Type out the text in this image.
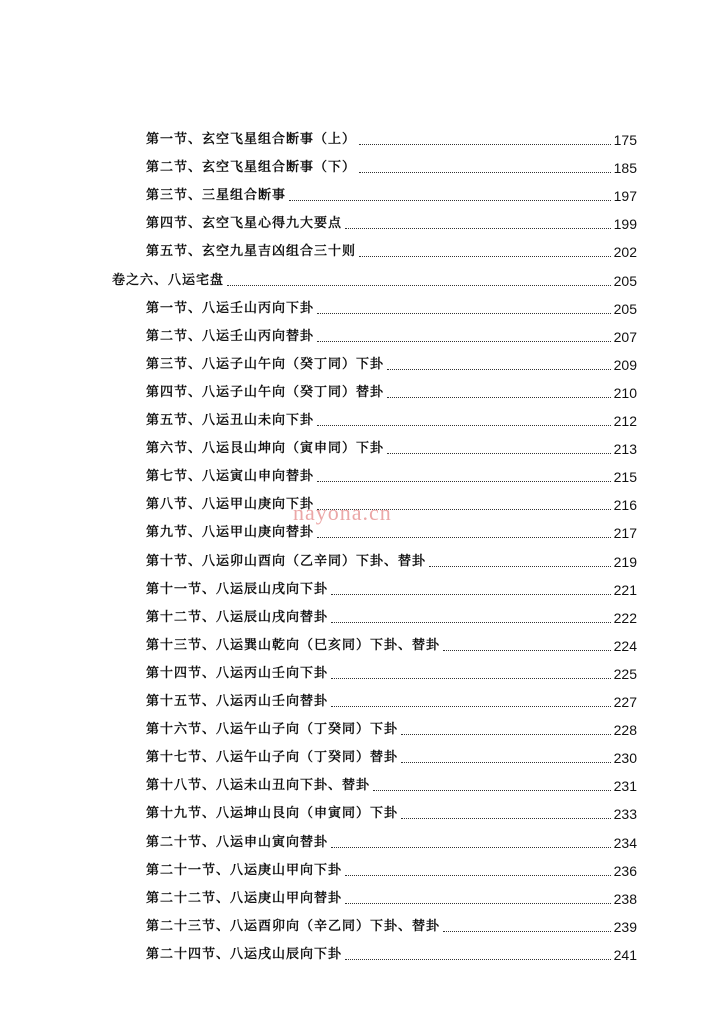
第一节、玄空飞星组合断事（上）	175
第二节、玄空飞星组合断事（下）	185
第三节、三星组合断事	197
第四节、玄空飞星心得九大要点	199
第五节、玄空九星吉凶组合三十则	202
卷之六、八运宅盘	205
第一节、八运壬山丙向下卦	205
第二节、八运壬山丙向替卦	207
第三节、八运子山午向（癸丁同）下卦	209
第四节、八运子山午向（癸丁同）替卦	210
第五节、八运丑山未向下卦	212
第六节、八运艮山坤向（寅申同）下卦	213
第七节、八运寅山申向替卦	215
第八节、八运甲山庚向下卦	216
第九节、八运甲山庚向替卦	217
第十节、八运卯山酉向（乙辛同）下卦、替卦	219
第十一节、八运辰山戌向下卦	221
第十二节、八运辰山戌向替卦	222
第十三节、八运巽山乾向（巳亥同）下卦、替卦	224
第十四节、八运丙山壬向下卦	225
第十五节、八运丙山壬向替卦	227
第十六节、八运午山子向（丁癸同）下卦	228
第十七节、八运午山子向（丁癸同）替卦	230
第十八节、八运未山丑向下卦、替卦	231
第十九节、八运坤山艮向（申寅同）下卦	233
第二十节、八运申山寅向替卦	234
第二十一节、八运庚山甲向下卦	236
第二十二节、八运庚山甲向替卦	238
第二十三节、八运酉卯向（辛乙同）下卦、替卦	239
第二十四节、八运戌山辰向下卦	241
nayona.cn
